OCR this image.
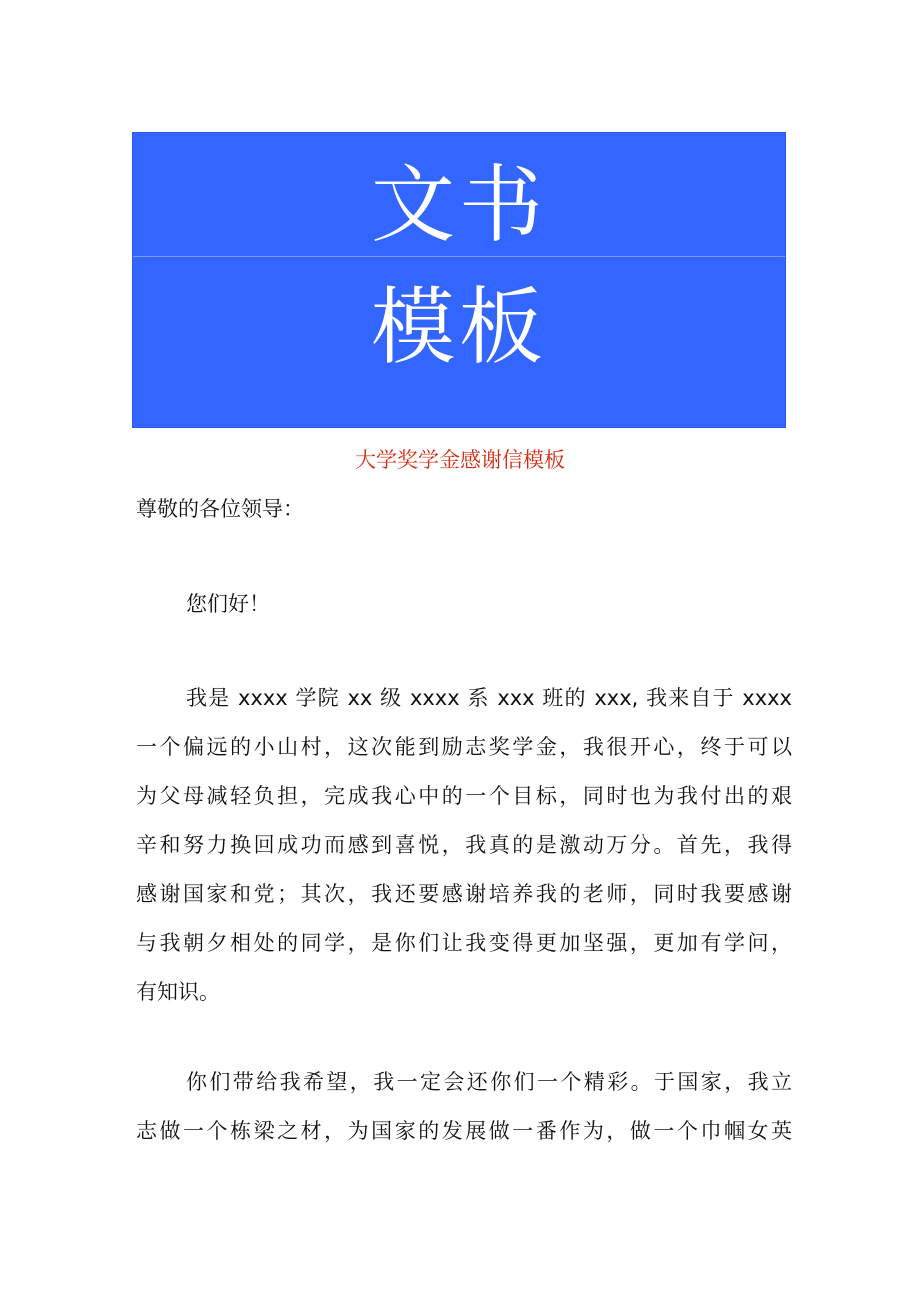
文书
模板
大学奖学金感谢信模板
尊敬的各位领导：
您们好！
我是 xxxx 学院 xx 级 xxxx 系 xxx 班的 xxx, 我来自于 xxxx
一个偏远的小山村，这次能到励志奖学金，我很开心，终于可以
为父母减轻负担，完成我心中的一个目标，同时也为我付出的艰
辛和努力换回成功而感到喜悦，我真的是激动万分。首先，我得
感谢国家和党；其次，我还要感谢培养我的老师，同时我要感谢
与我朝夕相处的同学，是你们让我变得更加坚强，更加有学问，
有知识。
你们带给我希望，我一定会还你们一个精彩。于国家，我立
志做一个栋梁之材，为国家的发展做一番作为，做一个巾帼女英
